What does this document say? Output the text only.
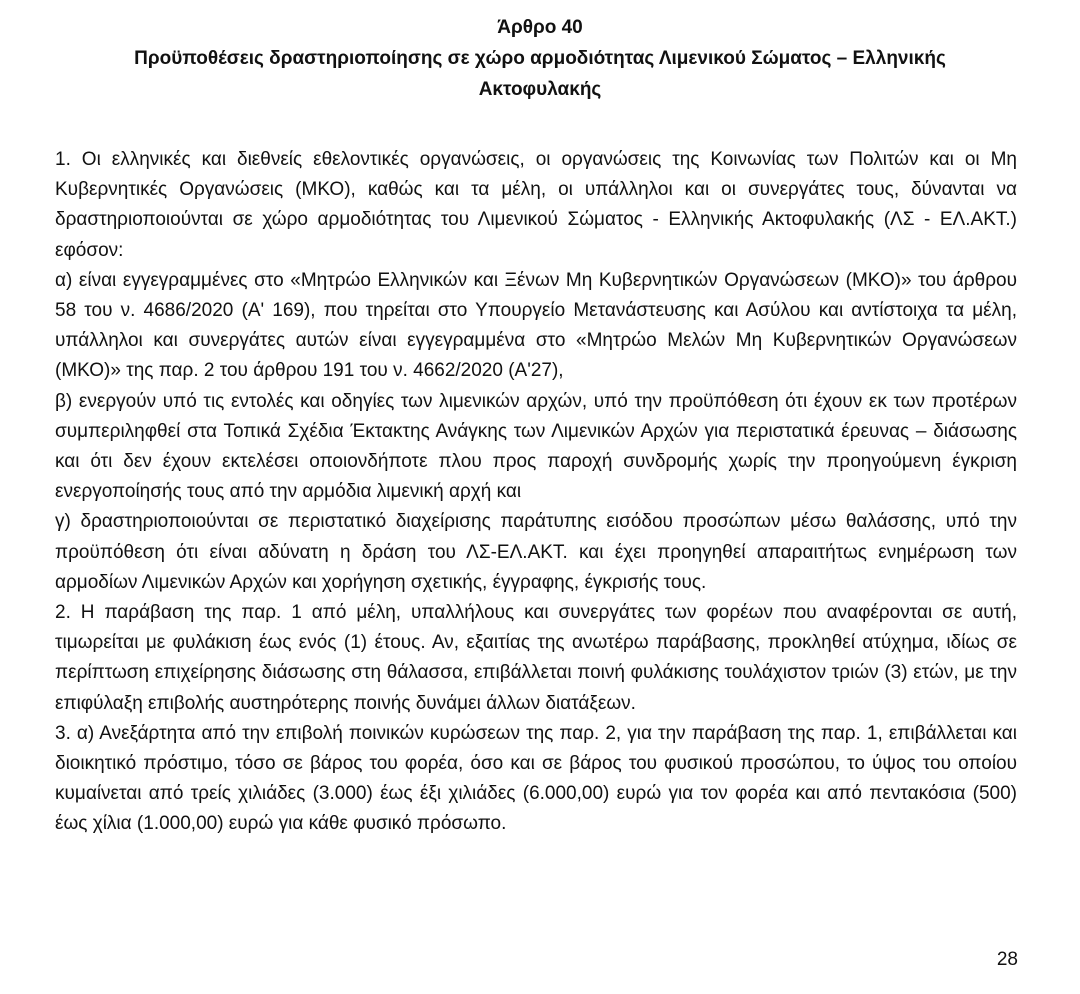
Άρθρο 40

Προϋποθέσεις δραστηριοποίησης σε χώρο αρμοδιότητας Λιμενικού Σώματος – Ελληνικής

Ακτοφυλακής

1. Οι ελληνικές και διεθνείς εθελοντικές οργανώσεις, οι οργανώσεις της Κοινωνίας των Πολιτών και οι Μη Κυβερνητικές Οργανώσεις (ΜΚΟ), καθώς και τα μέλη, οι υπάλληλοι και οι συνεργάτες τους, δύνανται να δραστηριοποιούνται σε χώρο αρμοδιότητας του Λιμενικού Σώματος - Ελληνικής Ακτοφυλακής (ΛΣ - ΕΛ.ΑΚΤ.) εφόσον:

α) είναι εγγεγραμμένες στο «Μητρώο Ελληνικών και Ξένων Μη Κυβερνητικών Οργανώσεων (ΜΚΟ)» του άρθρου 58 του ν. 4686/2020 (Α' 169), που τηρείται στο Υπουργείο Μετανάστευσης και Ασύλου και αντίστοιχα τα μέλη, υπάλληλοι και συνεργάτες αυτών είναι εγγεγραμμένα στο «Μητρώο Μελών Μη Κυβερνητικών Οργανώσεων (ΜΚΟ)» της παρ. 2 του άρθρου 191 του ν. 4662/2020 (Α'27),

β) ενεργούν υπό τις εντολές και οδηγίες των λιμενικών αρχών, υπό την προϋπόθεση ότι έχουν εκ των προτέρων συμπεριληφθεί στα Τοπικά Σχέδια Έκτακτης Ανάγκης των Λιμενικών Αρχών για περιστατικά έρευνας – διάσωσης και ότι δεν έχουν εκτελέσει οποιονδήποτε πλου προς παροχή συνδρομής χωρίς την προηγούμενη έγκριση ενεργοποίησής τους από την αρμόδια λιμενική αρχή και

γ) δραστηριοποιούνται σε περιστατικό διαχείρισης παράτυπης εισόδου προσώπων μέσω θαλάσσης, υπό την προϋπόθεση ότι είναι αδύνατη η δράση του ΛΣ-ΕΛ.ΑΚΤ. και έχει προηγηθεί απαραιτήτως ενημέρωση των αρμοδίων Λιμενικών Αρχών και χορήγηση σχετικής, έγγραφης, έγκρισής τους.

2. Η παράβαση της παρ. 1 από μέλη, υπαλλήλους και συνεργάτες των φορέων που αναφέρονται σε αυτή, τιμωρείται με φυλάκιση έως ενός (1) έτους. Αν, εξαιτίας της ανωτέρω παράβασης, προκληθεί ατύχημα, ιδίως σε περίπτωση επιχείρησης διάσωσης στη θάλασσα, επιβάλλεται ποινή φυλάκισης τουλάχιστον τριών (3) ετών, με την επιφύλαξη επιβολής αυστηρότερης ποινής δυνάμει άλλων διατάξεων.

3. α) Ανεξάρτητα από την επιβολή ποινικών κυρώσεων της παρ. 2, για την παράβαση της παρ. 1, επιβάλλεται και διοικητικό πρόστιμο, τόσο σε βάρος του φορέα, όσο και σε βάρος του φυσικού προσώπου, το ύψος του οποίου κυμαίνεται από τρείς χιλιάδες (3.000) έως έξι χιλιάδες (6.000,00) ευρώ για τον φορέα και από πεντακόσια (500) έως χίλια (1.000,00) ευρώ για κάθε φυσικό πρόσωπο.

28
